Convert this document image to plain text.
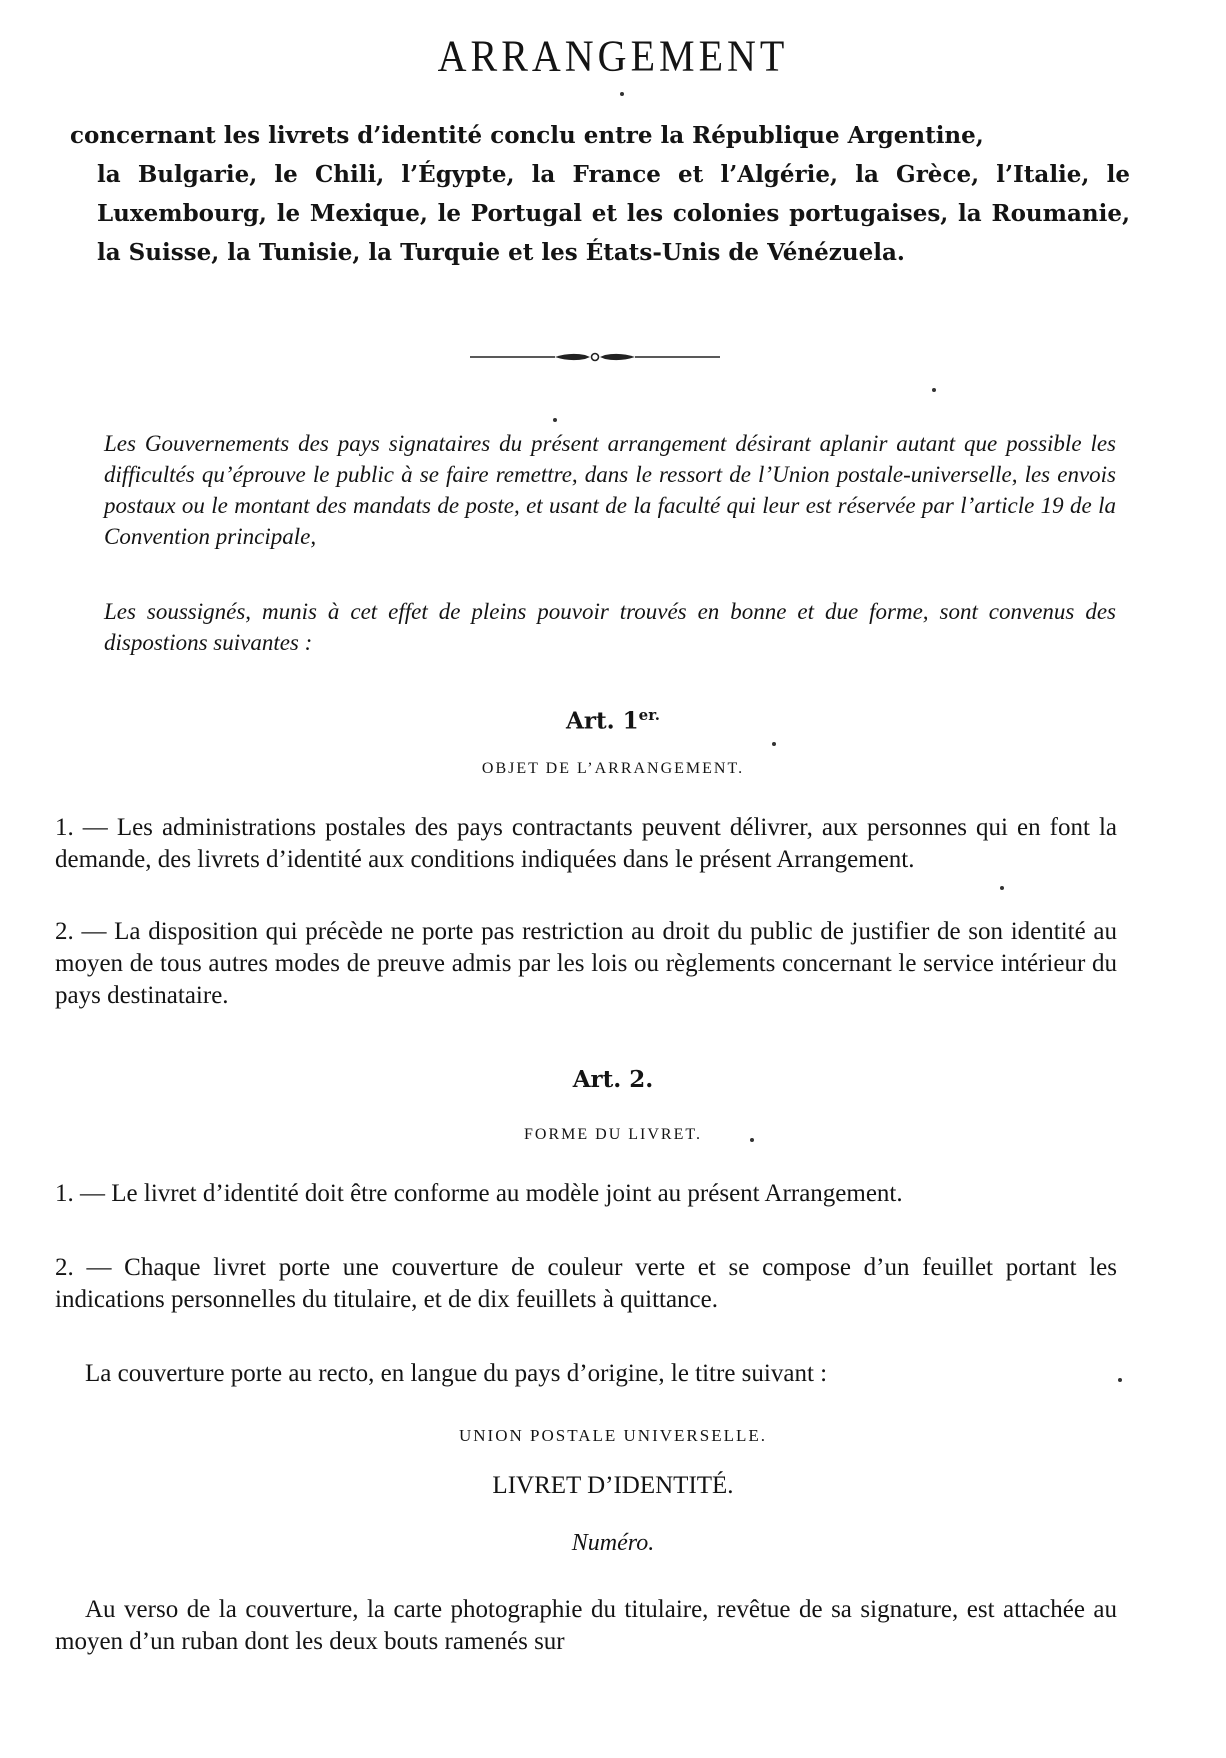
ARRANGEMENT

concernant les livrets d’identité conclu entre la République Argentine,
la Bulgarie, le Chili, l’Égypte, la France et l’Algérie, la Grèce, l’Italie, le Luxembourg, le Mexique, le Portugal et les colonies portugaises, la Roumanie, la Suisse, la Tunisie, la Turquie et les États-Unis de Vénézuela.

Les Gouvernements des pays signataires du présent arrangement désirant aplanir autant que possible les difficultés qu’éprouve le public à se faire remettre, dans le ressort de l’Union postale-universelle, les envois postaux ou le montant des mandats de poste, et usant de la faculté qui leur est réservée par l’article 19 de la Convention principale,

Les soussignés, munis à cet effet de pleins pouvoir trouvés en bonne et due forme, sont convenus des dispostions suivantes :

Art. $1^{er.}$
OBJET DE L’ARRANGEMENT.

1. — Les administrations postales des pays contractants peuvent délivrer, aux personnes qui en font la demande, des livrets d’identité aux conditions indiquées dans le présent Arrangement.

2. — La disposition qui précède ne porte pas restriction au droit du public de justifier de son identité au moyen de tous autres modes de preuve admis par les lois ou règlements concernant le service intérieur du pays destinataire.

Art. 2.
FORME DU LIVRET.

1. — Le livret d’identité doit être conforme au modèle joint au présent Arrangement.

2. — Chaque livret porte une couverture de couleur verte et se compose d’un feuillet portant les indications personnelles du titulaire, et de dix feuillets à quittance.

La couverture porte au recto, en langue du pays d’origine, le titre suivant :

UNION POSTALE UNIVERSELLE.
LIVRET D’IDENTITÉ.
Numéro.

Au verso de la couverture, la carte photographie du titulaire, revêtue de sa signature, est attachée au moyen d’un ruban dont les deux bouts ramenés sur
